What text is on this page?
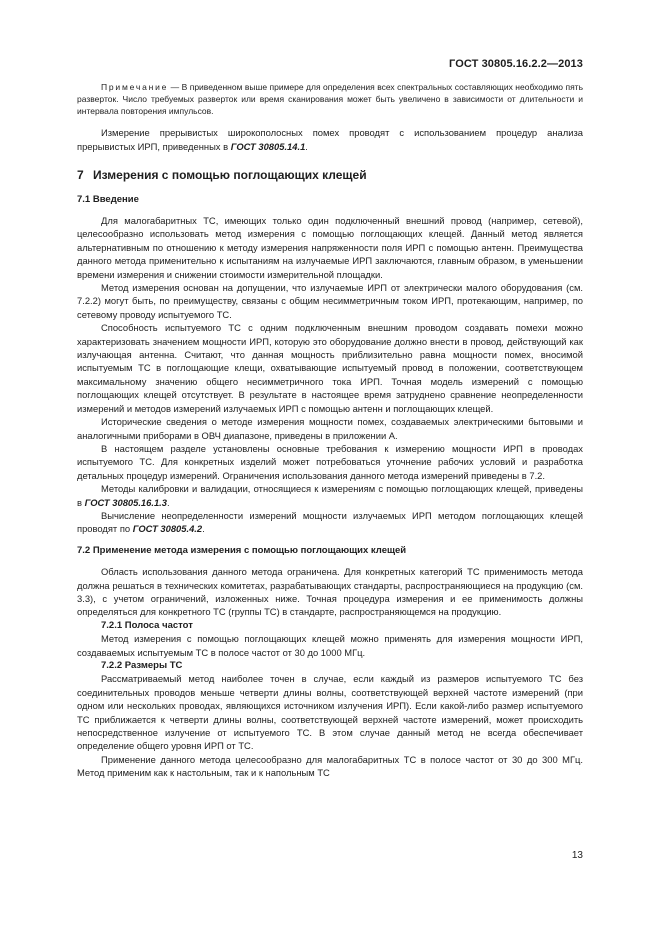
ГОСТ 30805.16.2.2—2013

Примечание — В приведенном выше примере для определения всех спектральных составляющих необходимо пять разверток. Число требуемых разверток или время сканирования может быть увеличено в зависимости от длительности и интервала повторения импульсов.

Измерение прерывистых широкополосных помех проводят с использованием процедур анализа прерывистых ИРП, приведенных в ГОСТ 30805.14.1.

7 Измерения с помощью поглощающих клещей

7.1 Введение

Для малогабаритных ТС, имеющих только один подключенный внешний провод (например, сетевой), целесообразно использовать метод измерения с помощью поглощающих клещей. Данный метод является альтернативным по отношению к методу измерения напряженности поля ИРП с помощью антенн. Преимущества данного метода применительно к испытаниям на излучаемые ИРП заключаются, главным образом, в уменьшении времени измерения и снижении стоимости измерительной площадки.

Метод измерения основан на допущении, что излучаемые ИРП от электрически малого оборудования (см. 7.2.2) могут быть, по преимуществу, связаны с общим несимметричным током ИРП, протекающим, например, по сетевому проводу испытуемого ТС.

Способность испытуемого ТС с одним подключенным внешним проводом создавать помехи можно характеризовать значением мощности ИРП, которую это оборудование должно внести в провод, действующий как излучающая антенна. Считают, что данная мощность приблизительно равна мощности помех, вносимой испытуемым ТС в поглощающие клещи, охватывающие испытуемый провод в положении, соответствующем максимальному значению общего несимметричного тока ИРП. Точная модель измерений с помощью поглощающих клещей отсутствует. В результате в настоящее время затруднено сравнение неопределенности измерений и методов измерений излучаемых ИРП с помощью антенн и поглощающих клещей.

Исторические сведения о методе измерения мощности помех, создаваемых электрическими бытовыми и аналогичными приборами в ОВЧ диапазоне, приведены в приложении А.

В настоящем разделе установлены основные требования к измерению мощности ИРП в проводах испытуемого ТС. Для конкретных изделий может потребоваться уточнение рабочих условий и разработка детальных процедур измерений. Ограничения использования данного метода измерений приведены в 7.2.

Методы калибровки и валидации, относящиеся к измерениям с помощью поглощающих клещей, приведены в ГОСТ 30805.16.1.3.

Вычисление неопределенности измерений мощности излучаемых ИРП методом поглощающих клещей проводят по ГОСТ 30805.4.2.

7.2 Применение метода измерения с помощью поглощающих клещей

Область использования данного метода ограничена. Для конкретных категорий ТС применимость метода должна решаться в технических комитетах, разрабатывающих стандарты, распространяющиеся на продукцию (см. 3.3), с учетом ограничений, изложенных ниже. Точная процедура измерения и ее применимость должны определяться для конкретного ТС (группы ТС) в стандарте, распространяющемся на продукцию.

7.2.1 Полоса частот

Метод измерения с помощью поглощающих клещей можно применять для измерения мощности ИРП, создаваемых испытуемым ТС в полосе частот от 30 до 1000 МГц.

7.2.2 Размеры ТС

Рассматриваемый метод наиболее точен в случае, если каждый из размеров испытуемого ТС без соединительных проводов меньше четверти длины волны, соответствующей верхней частоте измерений (при одном или нескольких проводах, являющихся источником излучения ИРП). Если какой-либо размер испытуемого ТС приближается к четверти длины волны, соответствующей верхней частоте измерений, может происходить непосредственное излучение от испытуемого ТС. В этом случае данный метод не всегда обеспечивает определение общего уровня ИРП от ТС.

Применение данного метода целесообразно для малогабаритных ТС в полосе частот от 30 до 300 МГц. Метод применим как к настольным, так и к напольным ТС

13
